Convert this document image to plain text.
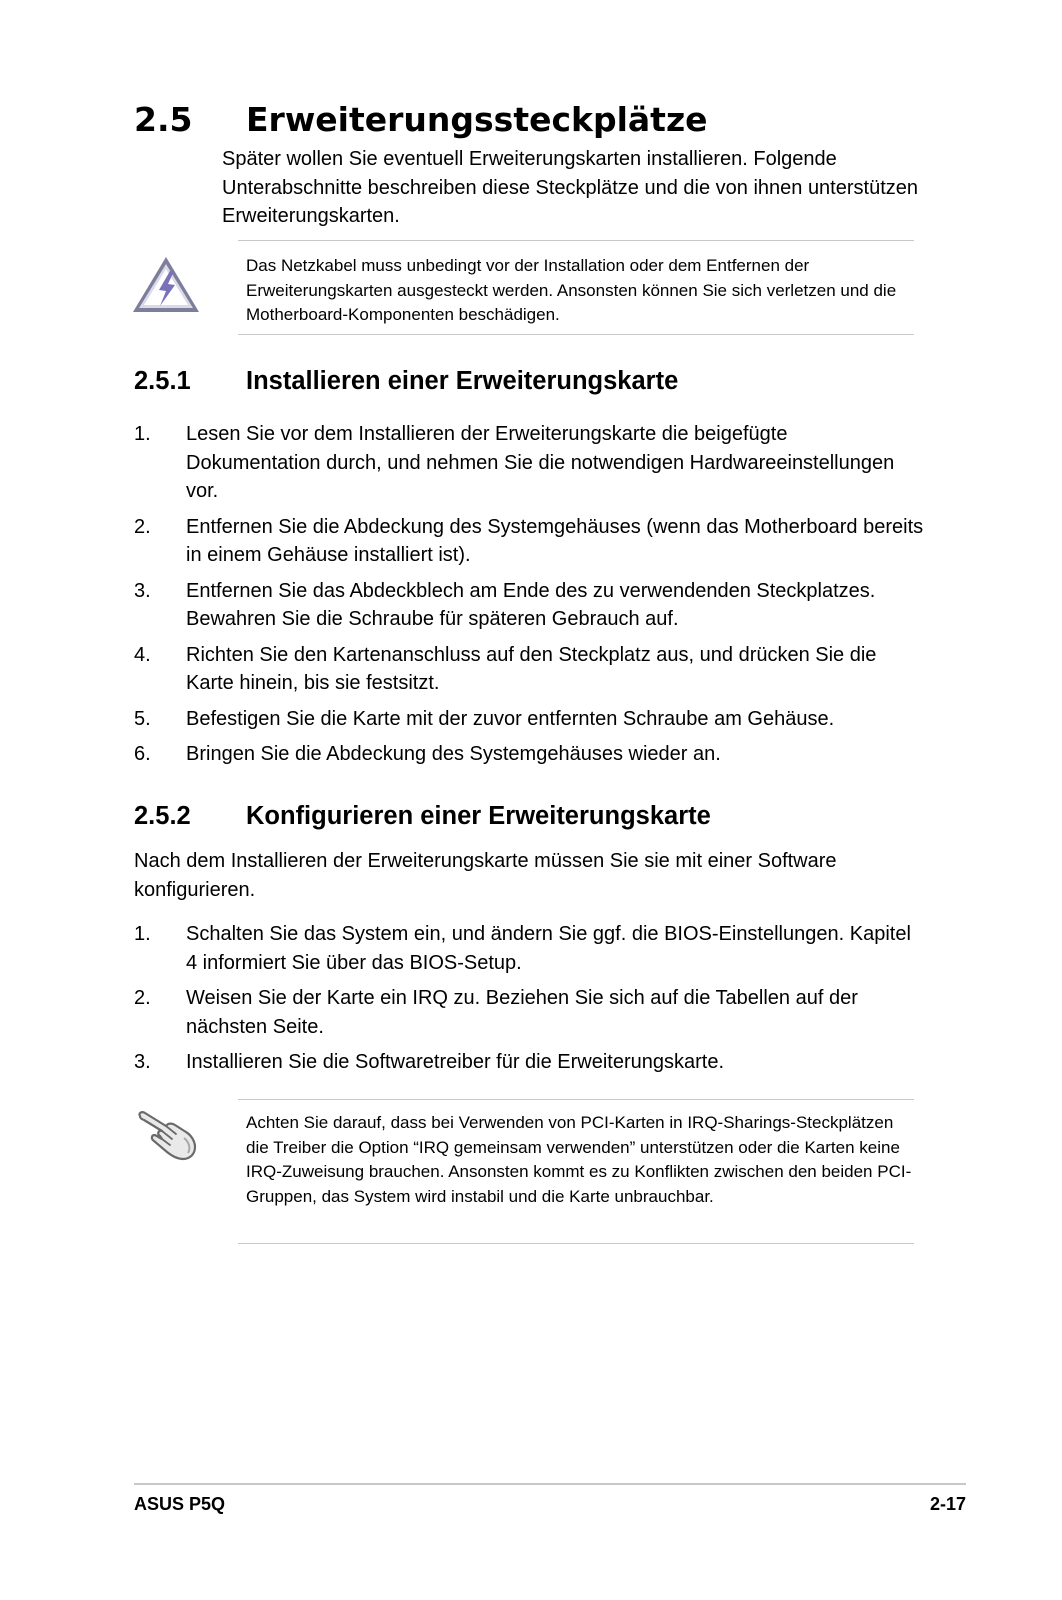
2.5 Erweiterungssteckplätze
Später wollen Sie eventuell Erweiterungskarten installieren. Folgende Unterabschnitte beschreiben diese Steckplätze und die von ihnen unterstützen Erweiterungskarten.
Das Netzkabel muss unbedingt vor der Installation oder dem Entfernen der Erweiterungskarten ausgesteckt werden. Ansonsten können Sie sich verletzen und die Motherboard-Komponenten beschädigen.
2.5.1 Installieren einer Erweiterungskarte
1.	Lesen Sie vor dem Installieren der Erweiterungskarte die beigefügte Dokumentation durch, und nehmen Sie die notwendigen Hardwareeinstellungen vor.
2.	Entfernen Sie die Abdeckung des Systemgehäuses (wenn das Motherboard bereits in einem Gehäuse installiert ist).
3.	Entfernen Sie das Abdeckblech am Ende des zu verwendenden Steckplatzes. Bewahren Sie die Schraube für späteren Gebrauch auf.
4.	Richten Sie den Kartenanschluss auf den Steckplatz aus, und drücken Sie die Karte hinein, bis sie festsitzt.
5.	Befestigen Sie die Karte mit der zuvor entfernten Schraube am Gehäuse.
6.	Bringen Sie die Abdeckung des Systemgehäuses wieder an.
2.5.2 Konfigurieren einer Erweiterungskarte
Nach dem Installieren der Erweiterungskarte müssen Sie sie mit einer Software konfigurieren.
1.	Schalten Sie das System ein, und ändern Sie ggf. die BIOS-Einstellungen. Kapitel 4 informiert Sie über das BIOS-Setup.
2.	Weisen Sie der Karte ein IRQ zu. Beziehen Sie sich auf die Tabellen auf der nächsten Seite.
3.	Installieren Sie die Softwaretreiber für die Erweiterungskarte.
Achten Sie darauf, dass bei Verwenden von PCI-Karten in IRQ-Sharings-Steckplätzen die Treiber die Option “IRQ gemeinsam verwenden” unterstützen oder die Karten keine IRQ-Zuweisung brauchen. Ansonsten kommt es zu Konflikten zwischen den beiden PCI-Gruppen, das System wird instabil und die Karte unbrauchbar.
ASUS P5Q	2-17
